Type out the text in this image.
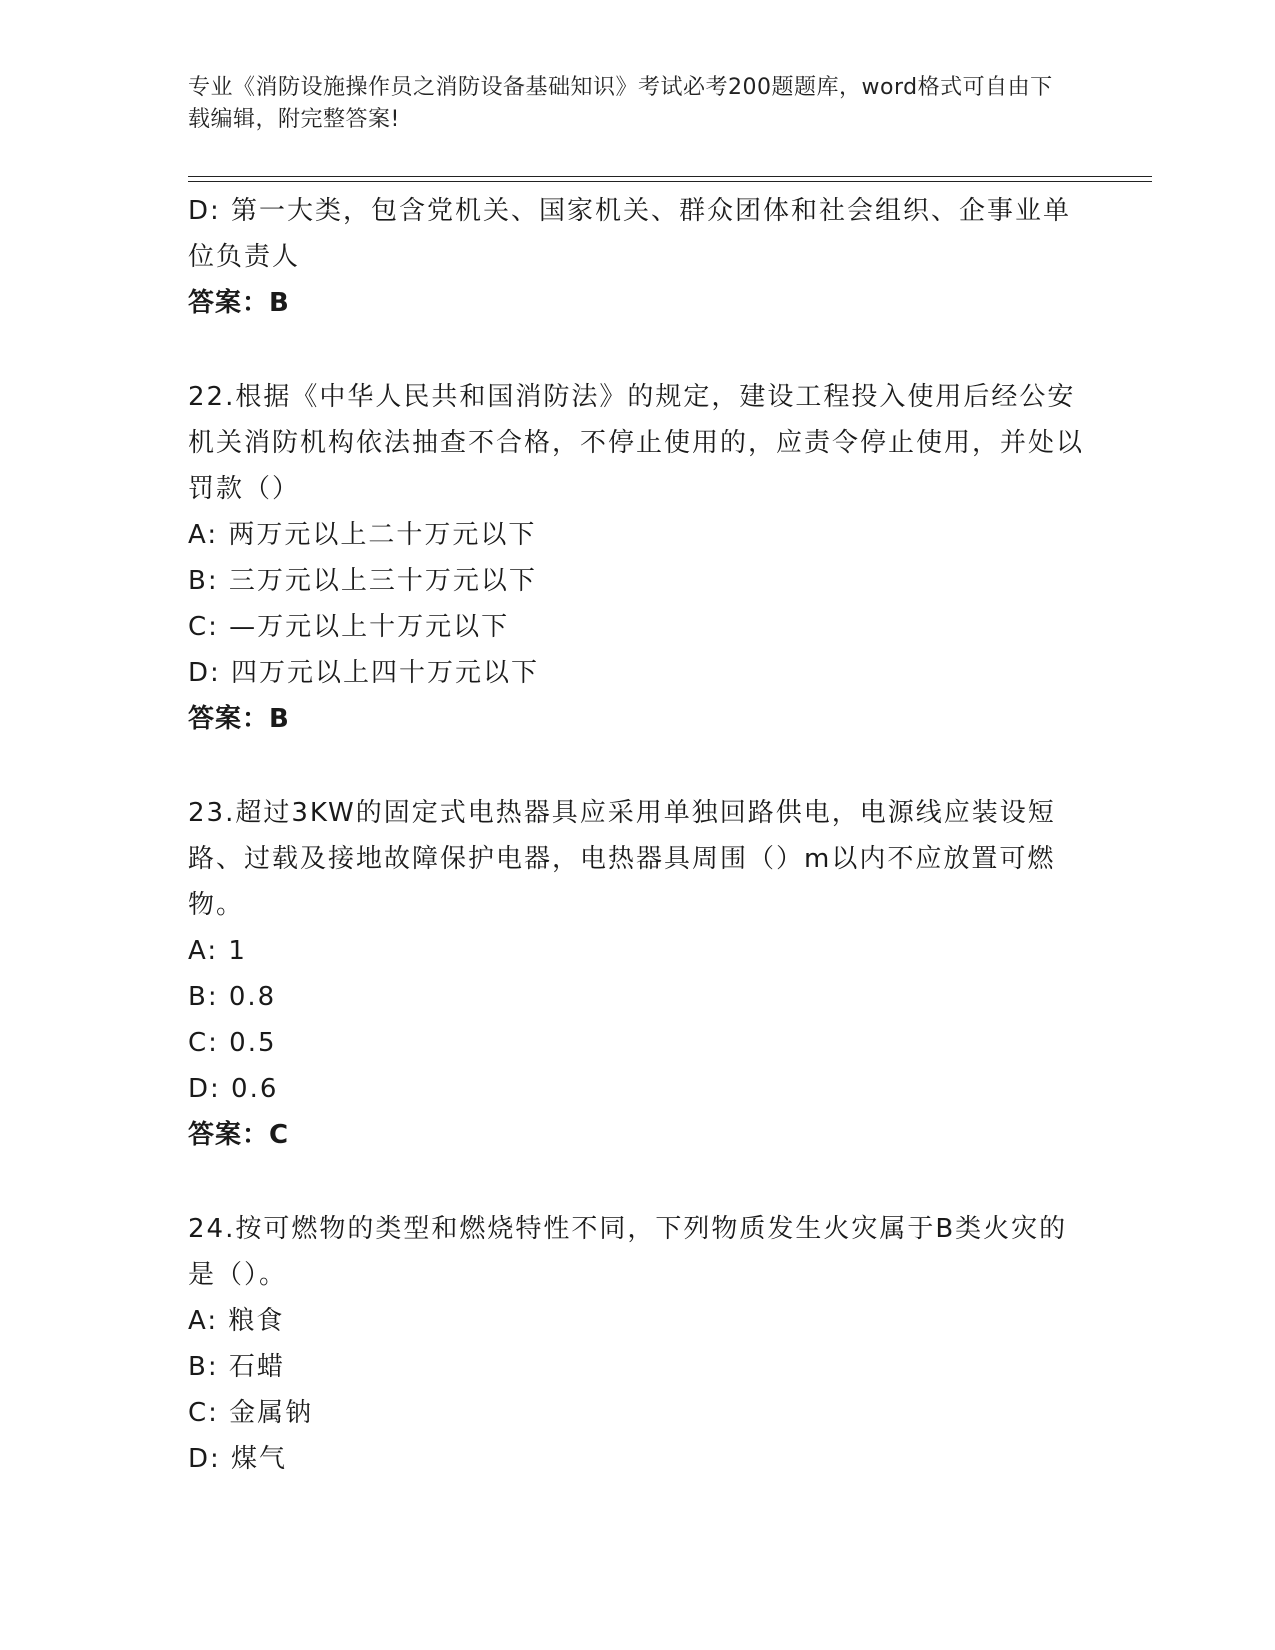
专业《消防设施操作员之消防设备基础知识》考试必考200题题库，word格式可自由下载编辑，附完整答案!

D: 第一大类，包含党机关、国家机关、群众团体和社会组织、企事业单位负责人

答案：B

22.根据《中华人民共和国消防法》的规定，建设工程投入使用后经公安机关消防机构依法抽查不合格，不停止使用的，应责令停止使用，并处以罚款（）

A: 两万元以上二十万元以下

B: 三万元以上三十万元以下

C: —万元以上十万元以下

D: 四万元以上四十万元以下

答案：B

23.超过3KW的固定式电热器具应采用单独回路供电，电源线应装设短路、过载及接地故障保护电器，电热器具周围（）m以内不应放置可燃物。

A: 1

B: 0.8

C: 0.5

D: 0.6

答案：C

24.按可燃物的类型和燃烧特性不同，下列物质发生火灾属于B类火灾的是（）。

A: 粮食

B: 石蜡

C: 金属钠

D: 煤气
